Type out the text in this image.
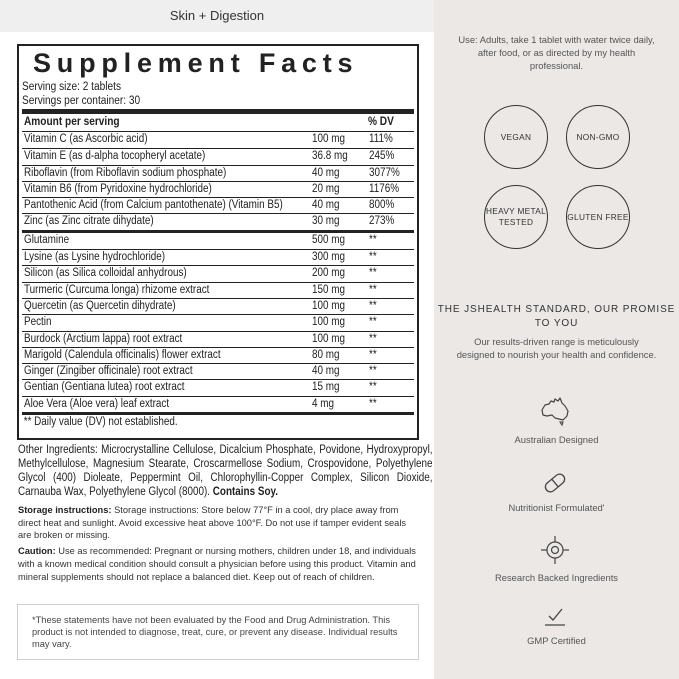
Skin + Digestion
Supplement Facts
Serving size: 2 tablets
Servings per container: 30
Amount per serving	% DV
Vitamin C (as Ascorbic acid)	100 mg 111%
Vitamin E (as d-alpha tocopheryl acetate)	36.8 mg 245%
Riboflavin (from Riboflavin sodium phosphate)	40 mg	3077%
Vitamin B6 (from Pyridoxine hydrochloride)	20 mg	1176%
Pantothenic Acid (from Calcium pantothenate) (Vitamin B5)	40 mg	800%
Zinc (as Zinc citrate dihydate)	30 mg	273%
Glutamine	500 mg **
Lysine (as Lysine hydrochloride)	300 mg **
Silicon (as Silica colloidal anhydrous)	200 mg **
Turmeric (Curcuma longa) rhizome extract	150 mg **
Quercetin (as Quercetin dihydrate)	100 mg **
Pectin	100 mg **
Burdock (Arctium lappa) root extract	100 mg **
Marigold (Calendula officinalis) flower extract	80 mg	**
Ginger (Zingiber officinale) root extract	40 mg	**
Gentian (Gentiana lutea) root extract	15 mg	**
Aloe Vera (Aloe vera) leaf extract	4 mg	**
** Daily value (DV) not established.

Other Ingredients: Microcrystalline Cellulose, Dicalcium Phosphate, Povidone, Hydroxypropyl, Methylcellulose, Magnesium Stearate, Croscarmellose Sodium, Crospovidone, Polyethylene Glycol (400) Dioleate, Peppermint Oil, Chlorophyllin-Copper Complex, Silicon Dioxide, Carnauba Wax, Polyethylene Glycol (8000). Contains Soy.

Storage instructions: Storage instructions: Store below 77°F in a cool, dry place away from direct heat and sunlight. Avoid excessive heat above 100°F. Do not use if tamper evident seals are broken or missing.

Caution: Use as recommended: Pregnant or nursing mothers, children under 18, and individuals with a known medical condition should consult a physician before using this product. Vitamin and mineral supplements should not replace a balanced diet. Keep out of reach of children.

*These statements have not been evaluated by the Food and Drug Administration. This product is not intended to diagnose, treat, cure, or prevent any disease. Individual results may vary.
Use: Adults, take 1 tablet with water twice daily, after food, or as directed by my health professional.
VEGAN	NON-GMO
HEAVY METAL TESTED
GLUTEN FREE
THE JSHEALTH STANDARD, OUR PROMISE TO YOU
Our results-driven range is meticulously designed to nourish your health and confidence.
Australian Designed
Nutritionist Formulated'
Research Backed Ingredients
GMP Certified
